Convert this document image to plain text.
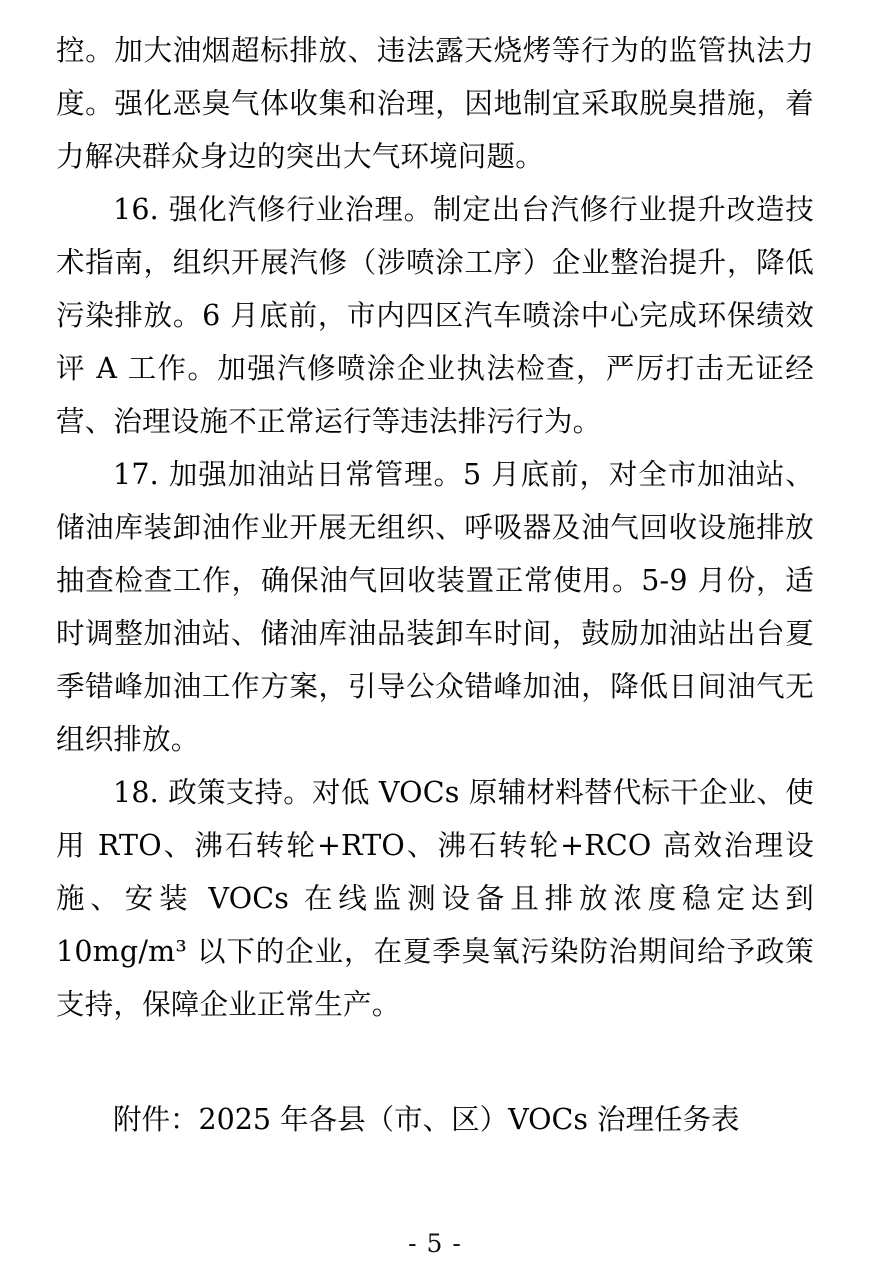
控。加大油烟超标排放、违法露天烧烤等行为的监管执法力度。强化恶臭气体收集和治理，因地制宜采取脱臭措施，着力解决群众身边的突出大气环境问题。

16. 强化汽修行业治理。制定出台汽修行业提升改造技术指南，组织开展汽修（涉喷涂工序）企业整治提升，降低污染排放。6 月底前，市内四区汽车喷涂中心完成环保绩效评 A 工作。加强汽修喷涂企业执法检查，严厉打击无证经营、治理设施不正常运行等违法排污行为。

17. 加强加油站日常管理。5 月底前，对全市加油站、储油库装卸油作业开展无组织、呼吸器及油气回收设施排放抽查检查工作，确保油气回收装置正常使用。5-9 月份，适时调整加油站、储油库油品装卸车时间，鼓励加油站出台夏季错峰加油工作方案，引导公众错峰加油，降低日间油气无组织排放。

18. 政策支持。对低 VOCs 原辅材料替代标干企业、使用 RTO、沸石转轮+RTO、沸石转轮+RCO 高效治理设施、安装 VOCs 在线监测设备且排放浓度稳定达到 10mg/m³ 以下的企业，在夏季臭氧污染防治期间给予政策支持，保障企业正常生产。

附件：2025 年各县（市、区）VOCs 治理任务表

- 5 -
